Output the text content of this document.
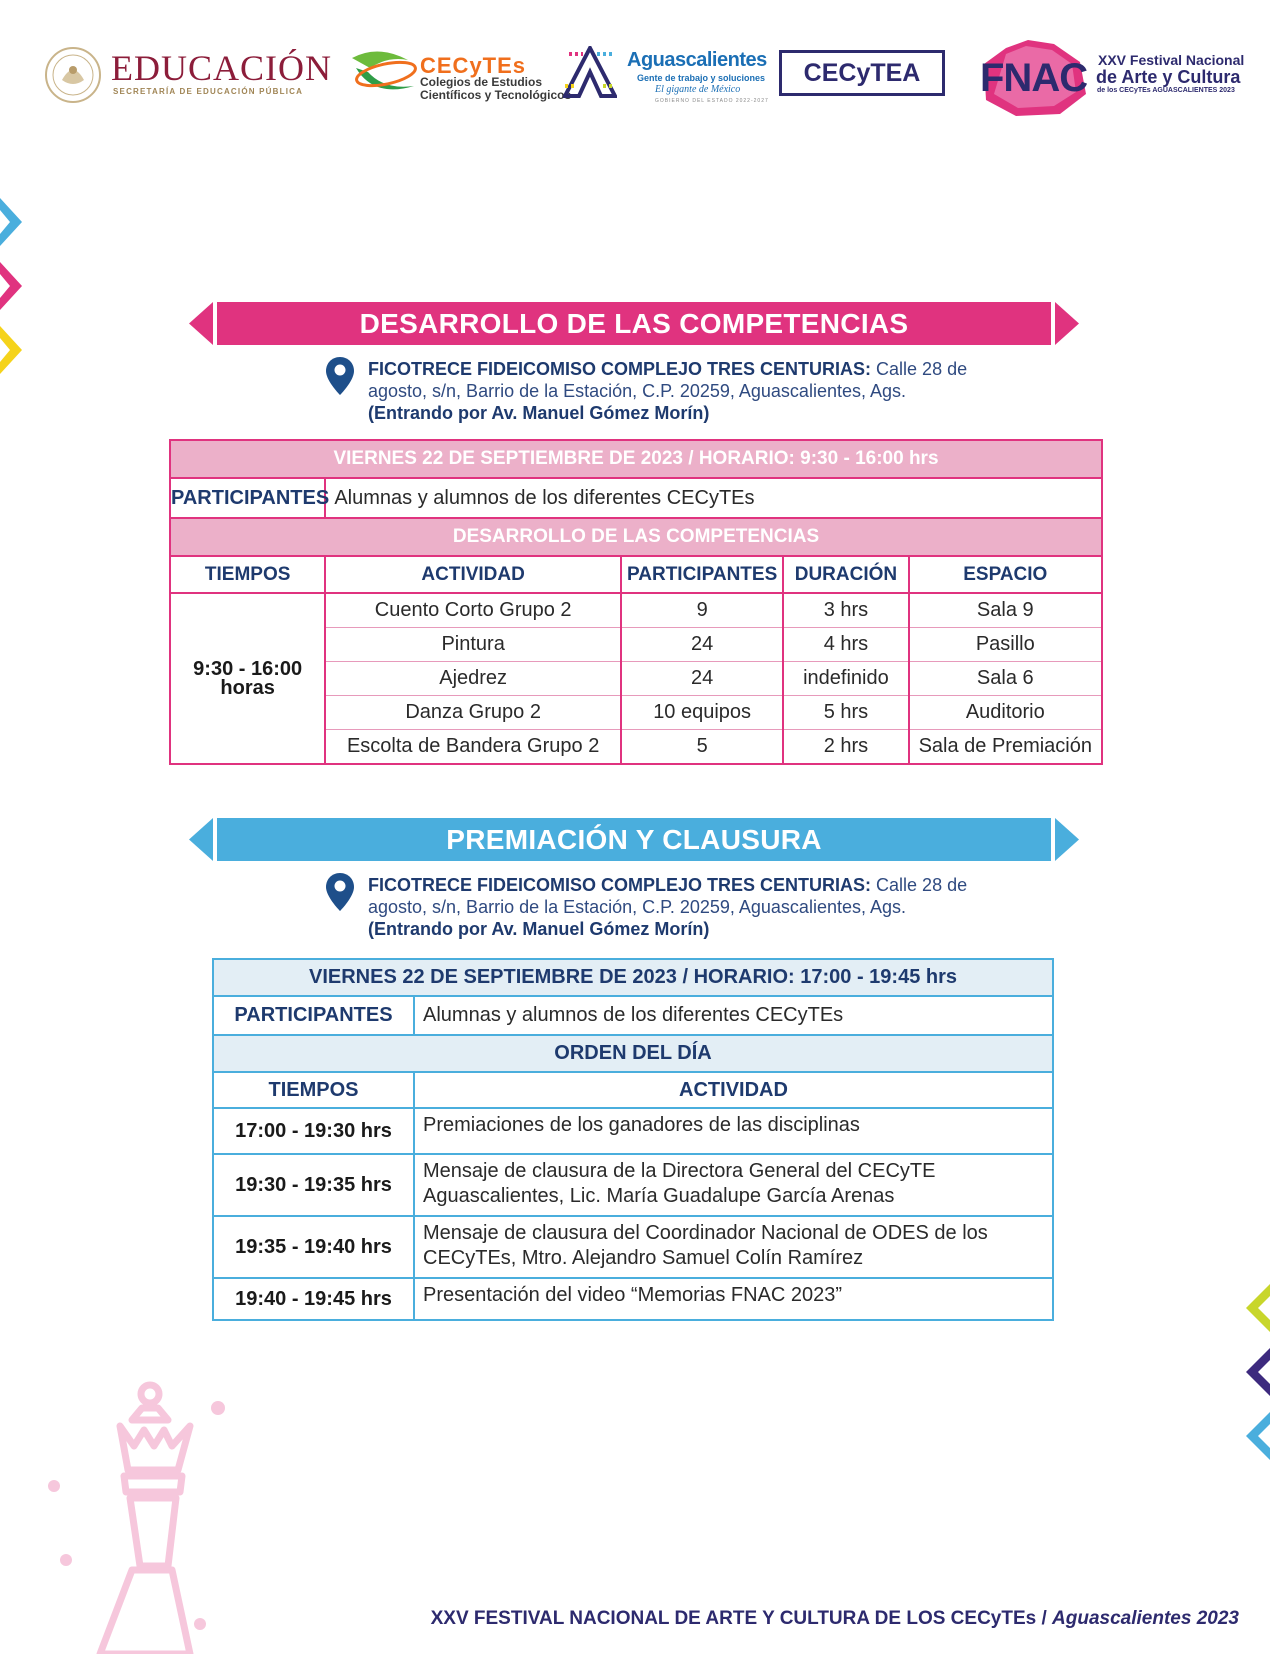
EDUCACIÓN
SECRETARÍA DE EDUCACIÓN PÚBLICA
CECyTEs
Colegios de Estudios
Científicos y Tecnológicos
Aguascalientes
Gente de trabajo y soluciones
El gigante de México
GOBIERNO DEL ESTADO 2022-2027
CECyTEA	FNAC XXV Festival Nacional
de Arte y Cultura
de los CECyTEs AGUASCALIENTES 2023
DESARROLLO DE LAS COMPETENCIAS
FICOTRECE FIDEICOMISO COMPLEJO TRES CENTURIAS: Calle 28 de
agosto, s/n, Barrio de la Estación, C.P. 20259, Aguascalientes, Ags.
(Entrando por Av. Manuel Gómez Morín)
VIERNES 22 DE SEPTIEMBRE DE 2023 / HORARIO: 9:30 - 16:00 hrs				
PARTICIPANTES	Alumnas y alumnos de los diferentes CECyTEs			
DESARROLLO DE LAS COMPETENCIAS				
TIEMPOS	ACTIVIDAD	PARTICIPANTES	DURACIÓN	ESPACIO

9:30 - 16:00
horas	Cuento Corto Grupo 2	9	3 hrs	Sala 9
	Pintura	24	4 hrs	Pasillo
	Ajedrez	24	indefinido	Sala 6
	Danza Grupo 2	10 equipos	5 hrs	Auditorio
	Escolta de Bandera Grupo 2	5	2 hrs	Sala de Premiación
PREMIACIÓN Y CLAUSURA
FICOTRECE FIDEICOMISO COMPLEJO TRES CENTURIAS: Calle 28 de
agosto, s/n, Barrio de la Estación, C.P. 20259, Aguascalientes, Ags.
(Entrando por Av. Manuel Gómez Morín)
VIERNES 22 DE SEPTIEMBRE DE 2023 / HORARIO: 17:00 - 19:45 hrs	
PARTICIPANTES	Alumnas y alumnos de los diferentes CECyTEs
ORDEN DEL DÍA	
TIEMPOS	ACTIVIDAD
17:00 - 19:30 hrs	Premiaciones de los ganadores de las disciplinas
19:30 - 19:35 hrs	Mensaje de clausura de la Directora General del CECyTE Aguascalientes, Lic. María Guadalupe García Arenas
19:35 - 19:40 hrs	Mensaje de clausura del Coordinador Nacional de ODES de los CECyTEs, Mtro. Alejandro Samuel Colín Ramírez
19:40 - 19:45 hrs	Presentación del video “Memorias FNAC 2023”
XXV FESTIVAL NACIONAL DE ARTE Y CULTURA DE LOS CECyTEs / Aguascalientes 2023
